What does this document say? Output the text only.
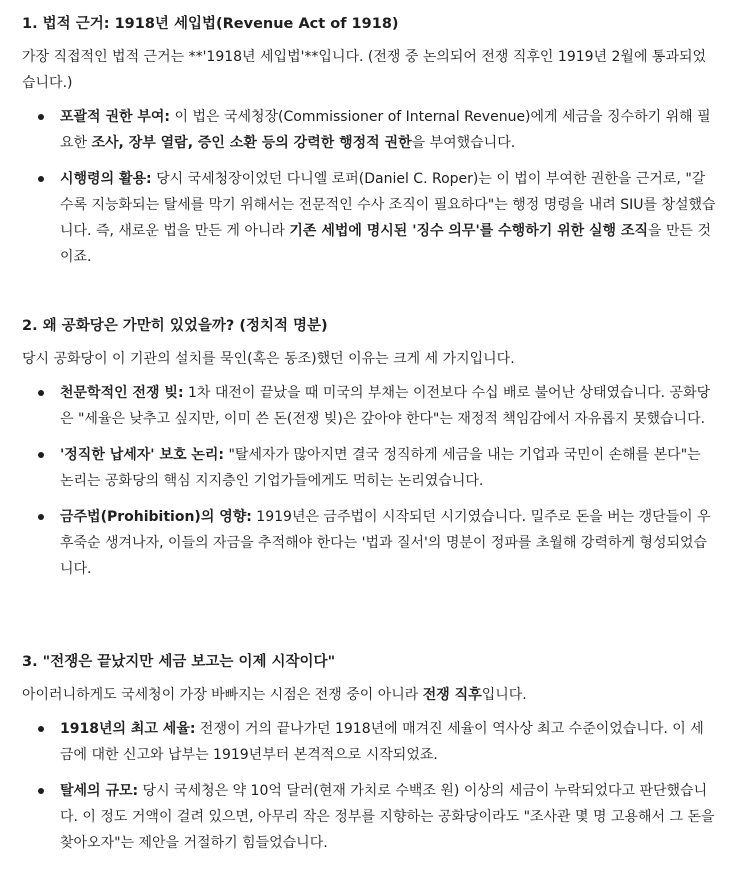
1. 법적 근거: 1918년 세입법(Revenue Act of 1918)
가장 직접적인 법적 근거는 **'1918년 세입법'**입니다. (전쟁 중 논의되어 전쟁 직후인 1919년 2월에 통과되었습니다.)
포괄적 권한 부여: 이 법은 국세청장(Commissioner of Internal Revenue)에게 세금을 징수하기 위해 필요한 조사, 장부 열람, 증인 소환 등의 강력한 행정적 권한을 부여했습니다.
시행령의 활용: 당시 국세청장이었던 다니엘 로퍼(Daniel C. Roper)는 이 법이 부여한 권한을 근거로, "갈수록 지능화되는 탈세를 막기 위해서는 전문적인 수사 조직이 필요하다"는 행정 명령을 내려 SIU를 창설했습니다. 즉, 새로운 법을 만든 게 아니라 기존 세법에 명시된 '징수 의무'를 수행하기 위한 실행 조직을 만든 것이죠.
2. 왜 공화당은 가만히 있었을까? (정치적 명분)
당시 공화당이 이 기관의 설치를 묵인(혹은 동조)했던 이유는 크게 세 가지입니다.
천문학적인 전쟁 빚: 1차 대전이 끝났을 때 미국의 부채는 이전보다 수십 배로 불어난 상태였습니다. 공화당은 "세율은 낮추고 싶지만, 이미 쓴 돈(전쟁 빚)은 갚아야 한다"는 재정적 책임감에서 자유롭지 못했습니다.
'정직한 납세자' 보호 논리: "탈세자가 많아지면 결국 정직하게 세금을 내는 기업과 국민이 손해를 본다"는 논리는 공화당의 핵심 지지층인 기업가들에게도 먹히는 논리였습니다.
금주법(Prohibition)의 영향: 1919년은 금주법이 시작되던 시기였습니다. 밀주로 돈을 버는 갱단들이 우후죽순 생겨나자, 이들의 자금을 추적해야 한다는 '법과 질서'의 명분이 정파를 초월해 강력하게 형성되었습니다.
3. "전쟁은 끝났지만 세금 보고는 이제 시작이다"
아이러니하게도 국세청이 가장 바빠지는 시점은 전쟁 중이 아니라 전쟁 직후입니다.
1918년의 최고 세율: 전쟁이 거의 끝나가던 1918년에 매겨진 세율이 역사상 최고 수준이었습니다. 이 세금에 대한 신고와 납부는 1919년부터 본격적으로 시작되었죠.
탈세의 규모: 당시 국세청은 약 10억 달러(현재 가치로 수백조 원) 이상의 세금이 누락되었다고 판단했습니다. 이 정도 거액이 걸려 있으면, 아무리 작은 정부를 지향하는 공화당이라도 "조사관 몇 명 고용해서 그 돈을 찾아오자"는 제안을 거절하기 힘들었습니다.
